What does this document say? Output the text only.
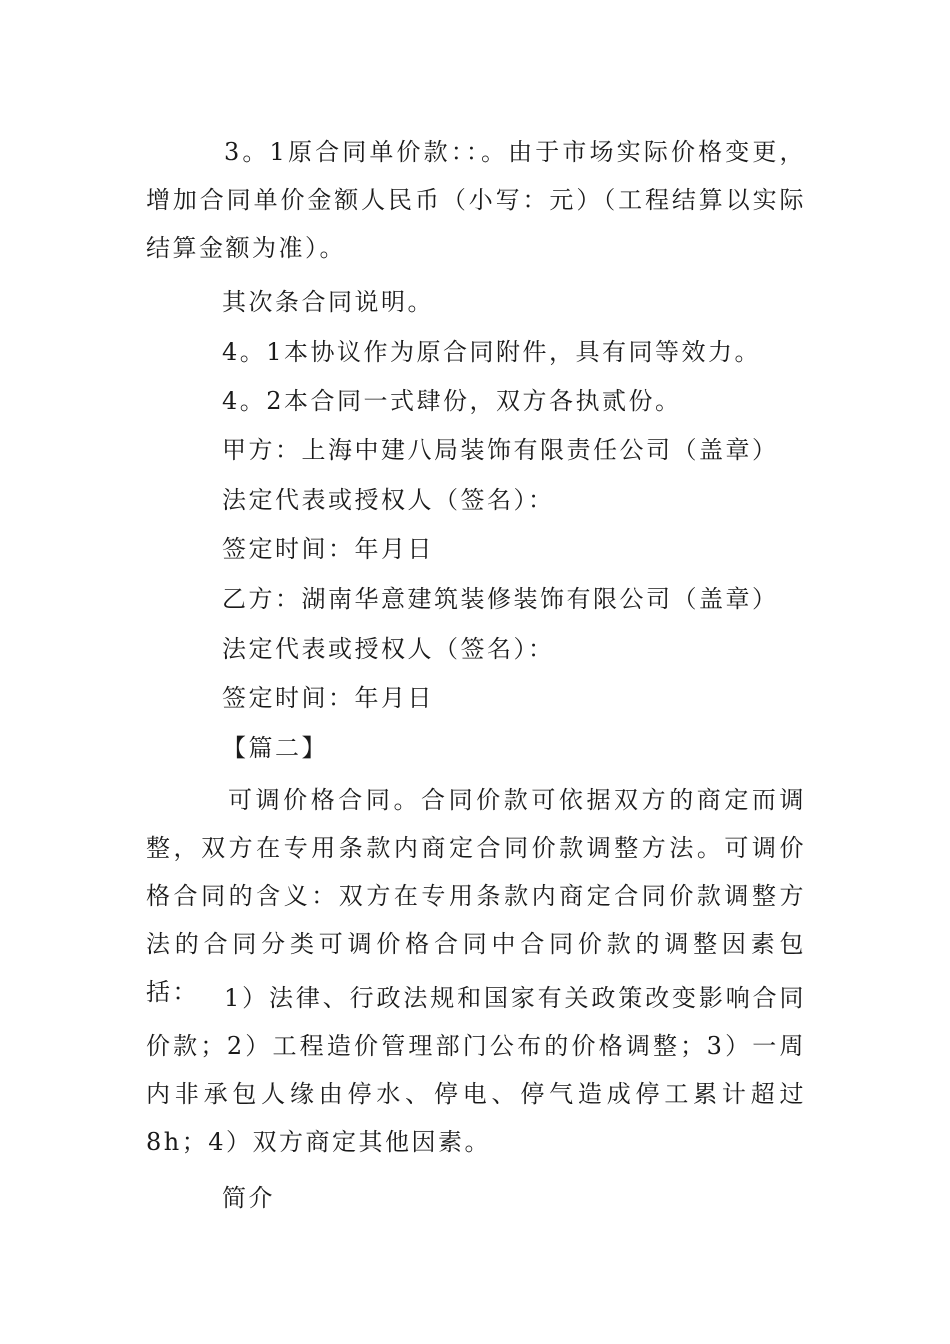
3。1原合同单价款：：。由于市场实际价格变更，增加合同单价金额人民币（小写：元）（工程结算以实际结算金额为准）。
其次条合同说明。
4。1本协议作为原合同附件，具有同等效力。
4。2本合同一式肆份，双方各执贰份。
甲方：上海中建八局装饰有限责任公司（盖章）
法定代表或授权人（签名）：
签定时间：年月日
乙方：湖南华意建筑装修装饰有限公司（盖章）
法定代表或授权人（签名）：
签定时间：年月日
【篇二】
可调价格合同。合同价款可依据双方的商定而调整，双方在专用条款内商定合同价款调整方法。可调价格合同的含义：双方在专用条款内商定合同价款调整方法的合同分类可调价格合同中合同价款的调整因素包括：	1）法律、行政法规和国家有关政策改变影响合同价款；2）工程造价管理部门公布的价格调整；3）一周内非承包人缘由停水、停电、停气造成停工累计超过8h；4）双方商定其他因素。
简介
